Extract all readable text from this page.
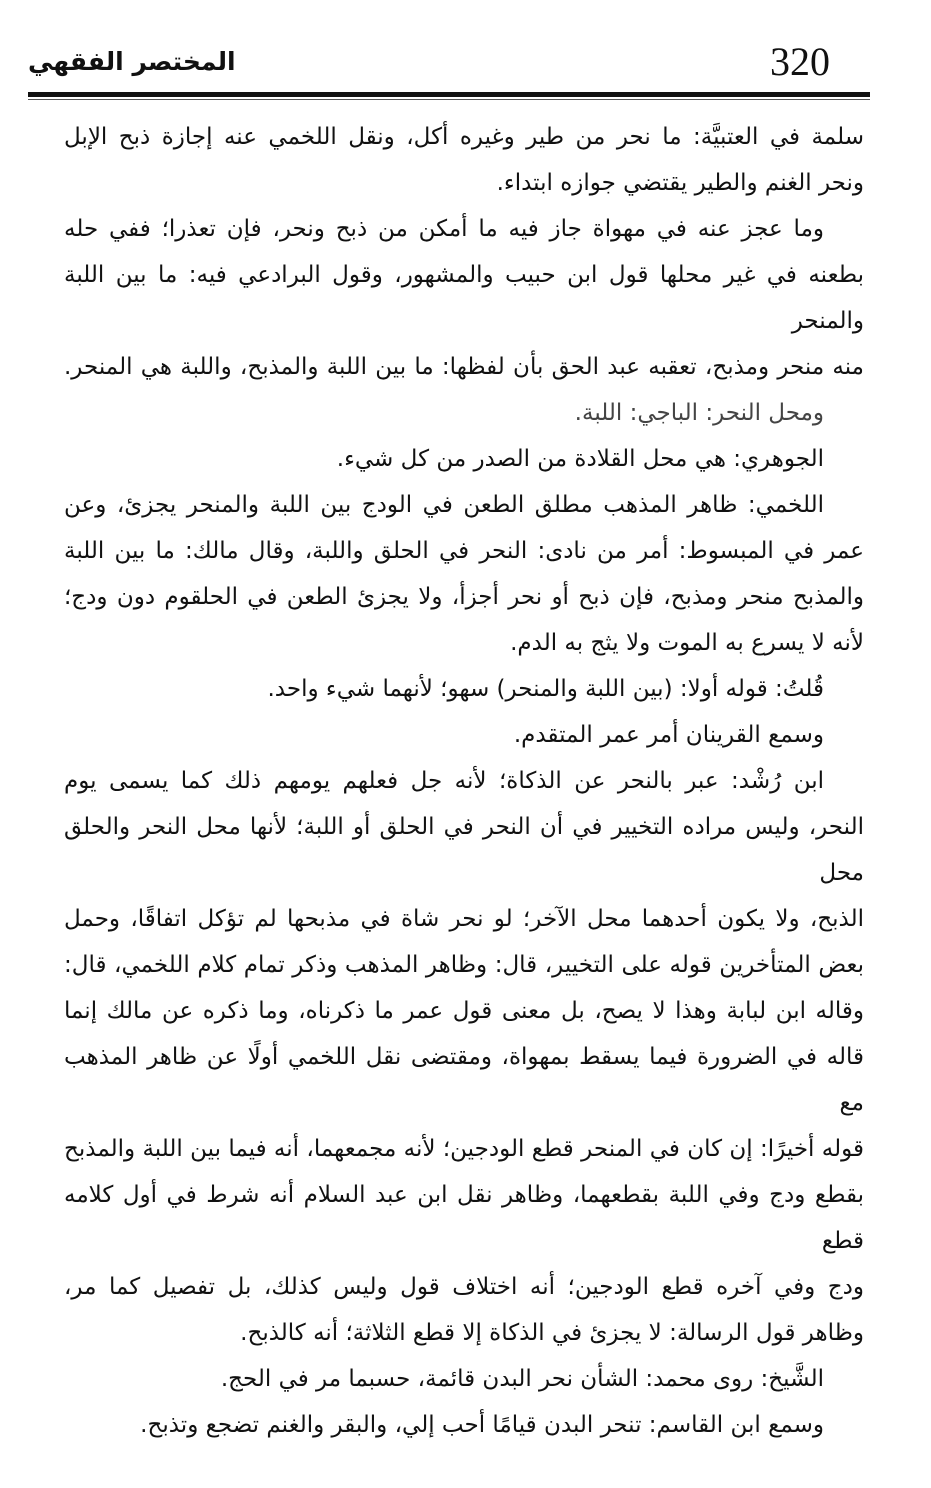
320
المختصر الفقهي
سلمة في العتبيَّة: ما نحر من طير وغيره أكل، ونقل اللخمي عنه إجازة ذبح الإبل
ونحر الغنم والطير يقتضي جوازه ابتداء.
وما عجز عنه في مهواة جاز فيه ما أمكن من ذبح ونحر، فإن تعذرا؛ ففي حله
بطعنه في غير محلها قول ابن حبيب والمشهور، وقول البرادعي فيه: ما بين اللبة والمنحر
منه منحر ومذبح، تعقبه عبد الحق بأن لفظها: ما بين اللبة والمذبح، واللبة هي المنحر.
ومحل النحر: الباجي: اللبة.
الجوهري: هي محل القلادة من الصدر من كل شيء.
اللخمي: ظاهر المذهب مطلق الطعن في الودج بين اللبة والمنحر يجزئ، وعن
عمر في المبسوط: أمر من نادى: النحر في الحلق واللبة، وقال مالك: ما بين اللبة
والمذبح منحر ومذبح، فإن ذبح أو نحر أجزأ، ولا يجزئ الطعن في الحلقوم دون ودج؛
لأنه لا يسرع به الموت ولا يثج به الدم.
قُلتُ: قوله أولا: (بين اللبة والمنحر) سهو؛ لأنهما شيء واحد.
وسمع القرينان أمر عمر المتقدم.
ابن رُشْد: عبر بالنحر عن الذكاة؛ لأنه جل فعلهم يومهم ذلك كما يسمى يوم
النحر، وليس مراده التخيير في أن النحر في الحلق أو اللبة؛ لأنها محل النحر والحلق محل
الذبح، ولا يكون أحدهما محل الآخر؛ لو نحر شاة في مذبحها لم تؤكل اتفاقًا، وحمل
بعض المتأخرين قوله على التخيير، قال: وظاهر المذهب وذكر تمام كلام اللخمي، قال:
وقاله ابن لبابة وهذا لا يصح، بل معنى قول عمر ما ذكرناه، وما ذكره عن مالك إنما
قاله في الضرورة فيما يسقط بمهواة، ومقتضى نقل اللخمي أولًا عن ظاهر المذهب مع
قوله أخيرًا: إن كان في المنحر قطع الودجين؛ لأنه مجمعهما، أنه فيما بين اللبة والمذبح
بقطع ودج وفي اللبة بقطعهما، وظاهر نقل ابن عبد السلام أنه شرط في أول كلامه قطع
ودج وفي آخره قطع الودجين؛ أنه اختلاف قول وليس كذلك، بل تفصيل كما مر،
وظاهر قول الرسالة: لا يجزئ في الذكاة إلا قطع الثلاثة؛ أنه كالذبح.
الشَّيخ: روى محمد: الشأن نحر البدن قائمة، حسبما مر في الحج.
وسمع ابن القاسم: تنحر البدن قيامًا أحب إلي، والبقر والغنم تضجع وتذبح.
